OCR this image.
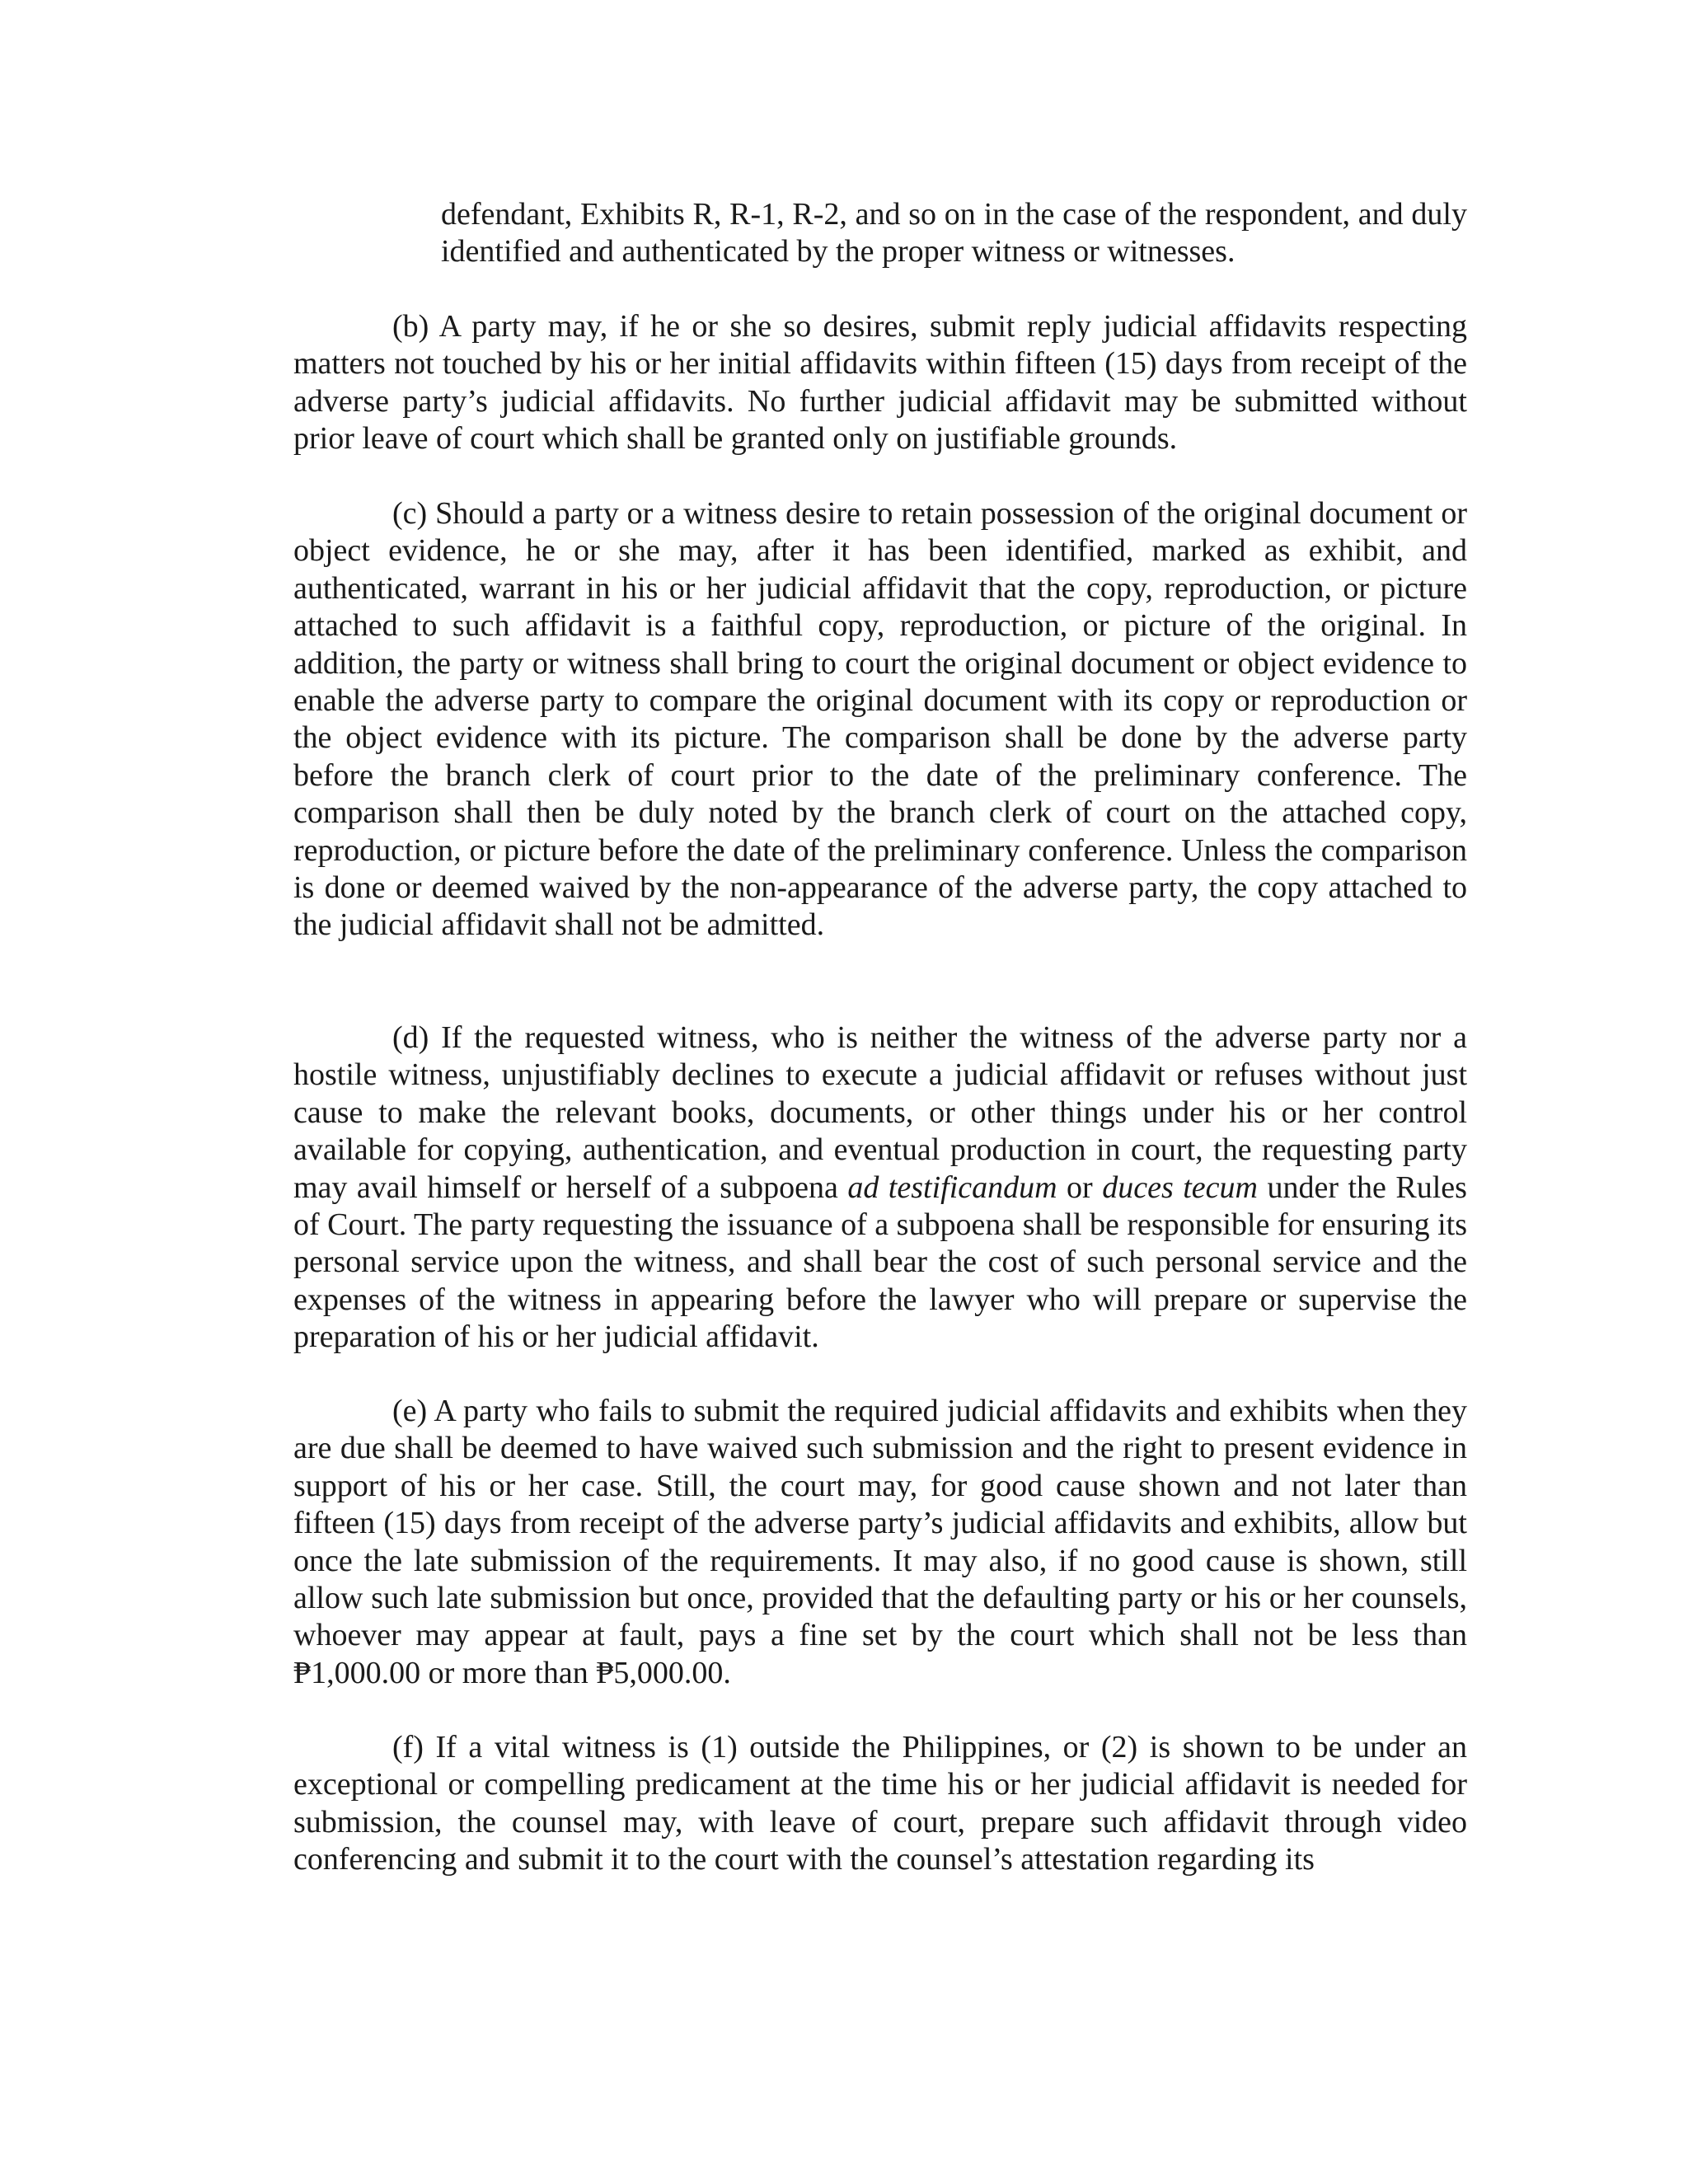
defendant, Exhibits R, R-1, R-2, and so on in the case of the respondent, and duly identified and authenticated by the proper witness or witnesses.

(b) A party may, if he or she so desires, submit reply judicial affidavits respecting matters not touched by his or her initial affidavits within fifteen (15) days from receipt of the adverse party’s judicial affidavits. No further judicial affidavit may be submitted without prior leave of court which shall be granted only on justifiable grounds.

(c) Should a party or a witness desire to retain possession of the original document or object evidence, he or she may, after it has been identified, marked as exhibit, and authenticated, warrant in his or her judicial affidavit that the copy, reproduction, or picture attached to such affidavit is a faithful copy, reproduction, or picture of the original. In addition, the party or witness shall bring to court the original document or object evidence to enable the adverse party to compare the original document with its copy or reproduction or the object evidence with its picture. The comparison shall be done by the adverse party before the branch clerk of court prior to the date of the preliminary conference. The comparison shall then be duly noted by the branch clerk of court on the attached copy, reproduction, or picture before the date of the preliminary conference. Unless the comparison is done or deemed waived by the non-appearance of the adverse party, the copy attached to the judicial affidavit shall not be admitted.

(d) If the requested witness, who is neither the witness of the adverse party nor a hostile witness, unjustifiably declines to execute a judicial affidavit or refuses without just cause to make the relevant books, documents, or other things under his or her control available for copying, authentication, and eventual production in court, the requesting party may avail himself or herself of a subpoena ad testificandum or duces tecum under the Rules of Court. The party requesting the issuance of a subpoena shall be responsible for ensuring its personal service upon the witness, and shall bear the cost of such personal service and the expenses of the witness in appearing before the lawyer who will prepare or supervise the preparation of his or her judicial affidavit.

(e) A party who fails to submit the required judicial affidavits and exhibits when they are due shall be deemed to have waived such submission and the right to present evidence in support of his or her case. Still, the court may, for good cause shown and not later than fifteen (15) days from receipt of the adverse party’s judicial affidavits and exhibits, allow but once the late submission of the requirements. It may also, if no good cause is shown, still allow such late submission but once, provided that the defaulting party or his or her counsels, whoever may appear at fault, pays a fine set by the court which shall not be less than ₱1,000.00 or more than ₱5,000.00.

(f) If a vital witness is (1) outside the Philippines, or (2) is shown to be under an exceptional or compelling predicament at the time his or her judicial affidavit is needed for submission, the counsel may, with leave of court, prepare such affidavit through video conferencing and submit it to the court with the counsel’s attestation regarding its
